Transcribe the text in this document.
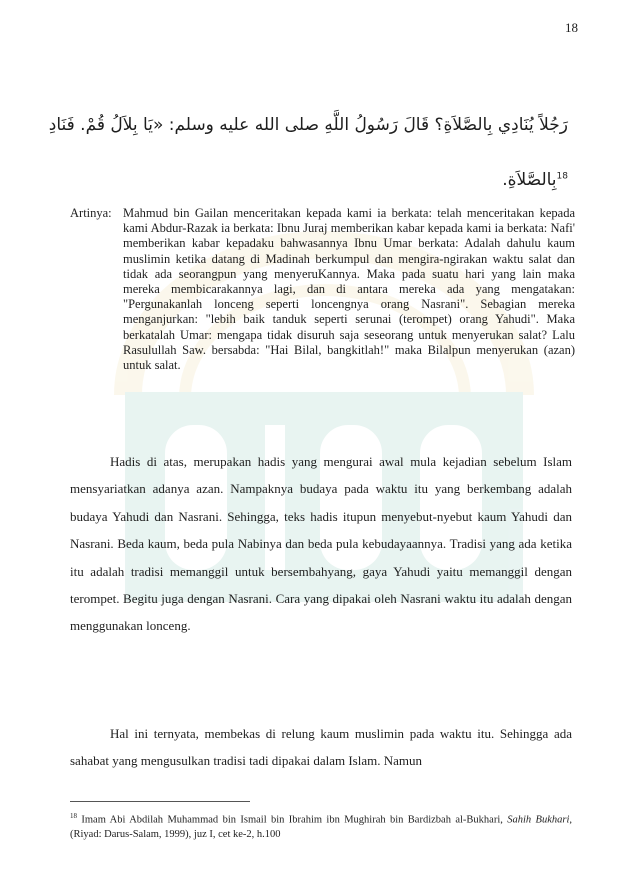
18
رَجُلاً يُنَادِي بِالصَّلاَةِ؟ قَالَ رَسُولُ اللَّهِ صلى الله عليه وسلم: «يَا بِلاَلُ قُمْ. فَنَادِ
$^{18}$بِالصَّلاَةِ.
Artinya: Mahmud bin Gailan menceritakan kepada kami ia berkata: telah menceritakan kepada kami Abdur-Razak ia berkata: Ibnu Juraj memberikan kabar kepada kami ia berkata: Nafi' memberikan kabar kepadaku bahwasannya Ibnu Umar berkata: Adalah dahulu kaum muslimin ketika datang di Madinah berkumpul dan mengira-ngirakan waktu salat dan tidak ada seorangpun yang menyeruKannya. Maka pada suatu hari yang lain maka mereka membicarakannya lagi, dan di antara mereka ada yang mengatakan: "Pergunakanlah lonceng seperti loncengnya orang Nasrani". Sebagian mereka menganjurkan: "lebih baik tanduk seperti serunai (terompet) orang Yahudi". Maka berkatalah Umar: mengapa tidak disuruh saja seseorang untuk menyerukan salat? Lalu Rasulullah Saw. bersabda: "Hai Bilal, bangkitlah!" maka Bilalpun menyerukan (azan) untuk salat.
Hadis di atas, merupakan hadis yang mengurai awal mula kejadian sebelum Islam mensyariatkan adanya azan. Nampaknya budaya pada waktu itu yang berkembang adalah budaya Yahudi dan Nasrani. Sehingga, teks hadis itupun menyebut-nyebut kaum Yahudi dan Nasrani. Beda kaum, beda pula Nabinya dan beda pula kebudayaannya. Tradisi yang ada ketika itu adalah tradisi memanggil untuk bersembahyang, gaya Yahudi yaitu memanggil dengan terompet. Begitu juga dengan Nasrani. Cara yang dipakai oleh Nasrani waktu itu adalah dengan menggunakan lonceng.
Hal ini ternyata, membekas di relung kaum muslimin pada waktu itu. Sehingga ada sahabat yang mengusulkan tradisi tadi dipakai dalam Islam. Namun
$^{18}$ Imam Abi Abdilah Muhammad bin Ismail bin Ibrahim ibn Mughirah bin Bardizbah al-Bukhari, Sahih Bukhari, (Riyad: Darus-Salam, 1999), juz I, cet ke-2, h.100
